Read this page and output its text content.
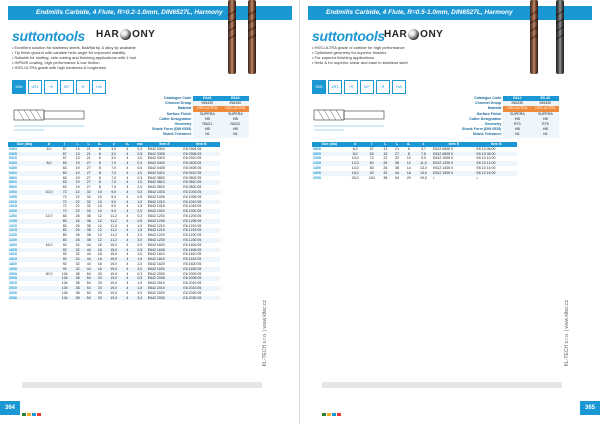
Endmills Carbide, 4 Flute, R=0.2-1.0mm, DIN6527L, Harmony
suttontools HAR ONY
• Excellent solution for stainless steels. Ball/flat tip & alloy tip available
• Tip finish ground with variable helix angle for improved stability
• Suitable for slotting, side cutting and finishing applications with 1 tool
• HIPIMS coating, high performance & low friction
• HSS-ULTRA grade with high hardness & toughness
DIN 6527L
≤R1	+0	50°	R	HA
Catalogue Code	E643	E644
Chromel Group	IN5430	IN5430
Material	HSS-ULTRA	HSS-ULTRA
Surface Finish	SUPERA	SUPERA
Cutter Designation	HB	HB
Geometry	R&D1	R&D2
Shank Form (DIN 6535)	HB	HB
Shank Tolerance	h6	h6
Size (dia)	d	l	l₁	l₂	d₁	z	d₂	rad	Item E	Item B
0304	6,0	57	13	21	6	3,0	4	0,3	E642 0304	E6 0304 05
0305		57	13	21	6	3,0	4	0,5	E642 0305	E6 0305 05
0310		57	13	21	6	3,0	4	1,0	E642 0310	E6 0310 05
0403	8,0	63	19	27	8	7,0	4	0,3	E642 0403	E6 0403 05
0405		63	19	27	8	7,0	4	0,5	E642 0405	E6 0405 05
0410		63	19	27	8	7,0	4	1,0	E642 0410	E6 0410 05
0803		63	19	27	8	7,0	4	0,3	E642 0803	E6 0803 05
0810		63	19	27	8	7,0	4	1,0	E642 0810	E6 0810 05
0820		63	19	27	8	7,0	4	2,0	E642 0820	E6 0820 05
1003	10,0	72	22	32	10	9,0	4	0,3	E642 1003	E6 1003 05
1005		72	22	32	10	9,0	4	0,5	E642 1005	E6 1005 05
1010		72	22	32	10	9,0	4	1,0	E642 1010	E6 1010 05
1015		72	22	32	10	9,0	4	1,5	E642 1015	E6 1015 05
1020		72	22	32	10	9,0	4	2,0	E642 1020	E6 1020 05
1203	12,0	83	26	38	12	11,2	4	0,3	E642 1203	E6 1203 05
1205		83	26	38	12	11,2	4	0,5	E642 1205	E6 1205 05
1210		83	26	38	12	11,2	4	1,0	E642 1210	E6 1210 05
1215		83	26	38	12	11,2	4	1,5	E642 1215	E6 1215 05
1220		83	26	38	12	11,2	4	2,0	E642 1220	E6 1220 05
1230		83	26	38	12	11,2	4	3,0	E642 1230	E6 1230 05
1603	16,0	92	32	44	16	15,0	4	0,3	E642 1603	E6 1603 05
1605		92	32	44	16	15,0	4	0,5	E642 1605	E6 1605 05
1610		92	32	44	16	15,0	4	1,0	E642 1610	E6 1610 05
1615		92	32	44	16	15,0	4	1,5	E642 1615	E6 1615 05
1620		92	32	44	16	15,0	4	2,0	E642 1620	E6 1620 05
1630		92	32	44	16	15,0	4	3,0	E642 1630	E6 1630 05
2003	20,0	104	38	54	20	19,0	4	0,3	E642 2003	E6 2003 05
2005		104	38	54	20	19,0	4	0,5	E642 2005	E6 2005 05
2010		104	38	54	20	19,0	4	1,0	E642 2010	E6 2010 05
2015		104	38	54	20	19,0	4	1,5	E642 2015	E6 2015 05
2020		104	38	54	20	19,0	4	2,0	E642 2020	E6 2020 05
2030		104	38	54	20	19,0	4	3,0	E642 2030	E6 2030 05
KL-TECH s.r.o. | www.kltec.cz
364
Endmills Carbide, 4 Flute, R=0.5-1.0mm, DIN6527L, Harmony
suttontools HAR ONY
• HSS-ULTRA grade of carbide for high performance
• Optimised geometry for superior finishes
• For superior finishing applications
• Helix & for superior shear and ease in stainless steel
DIN 6527L
≤R1	+0	50°	R	HA
Catalogue Code	E612	E6-10
Chromel Group	IN5430	IN5430
Material	HSS-ULTRA	HSS-ULTRA
Surface Finish	SUPERA	SUPERA
Cutter Designation	HB	HB
Geometry	R70	R75
Shank Form (DIN 6535)	HB	HB
Shank Tolerance	h6	h6
Size (dia)	d	l	l₁	l₂	d₁	z	Item E	Item B
0605	6,0	57	13	21	6	3,7	E612 0605 0	E6 10 06 00
0805	8,0	63	19	27	8	7,5	E612 0805 0	E6 10 08 00
1005	10,0	72	22	32	10	9,0	E612 1005 0	E6 10 10 00
1205	12,0	83	26	38	12	11,0	E612 1205 0	E6 10 12 00
1405	14,0	83	26	38	14	13,0	E612 1405 0	E6 10 14 00
1605	16,0	92	32	44	16	15,0	E612 1605 0	E6 10 16 00
2005	20,0	104	38	54	20	19,0	•	•
KL-TECH s.r.o. | www.kltec.cz
365
